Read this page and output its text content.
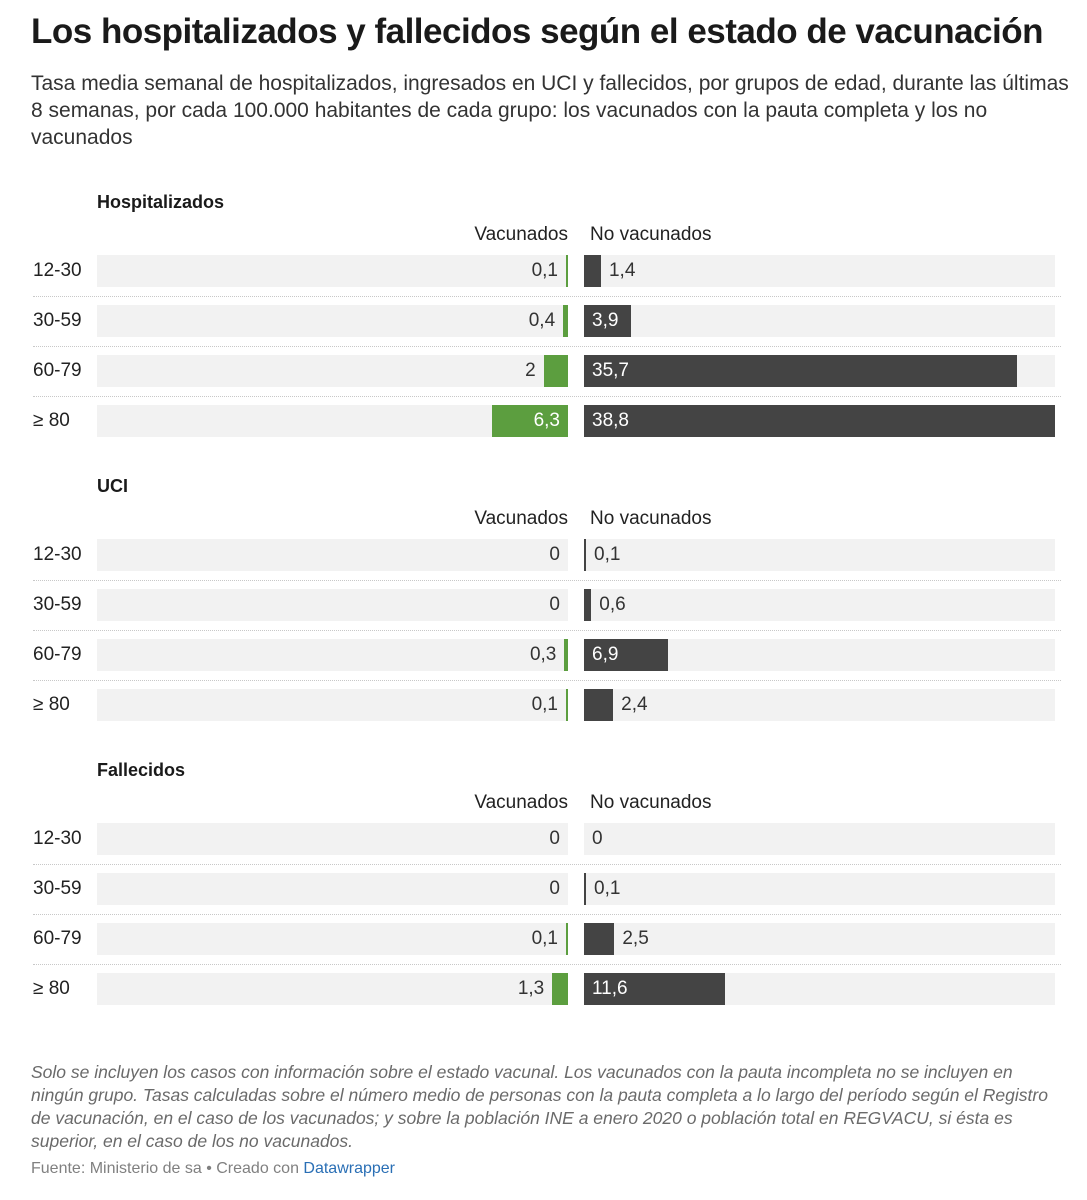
Los hospitalizados y fallecidos según el estado de vacunación

Tasa media semanal de hospitalizados, ingresados en UCI y fallecidos, por grupos de edad, durante las últimas 8 semanas, por cada 100.000 habitantes de cada grupo: los vacunados con la pauta completa y los no vacunados

Hospitalizados
Vacunados No vacunados
12-30	0,1	1,4
30-59	0,4 3,9
60-79	2	35,7
≥ 80	6,3 38,8
UCI
Vacunados No vacunados
12-30	0 0,1
30-59	0 0,6
60-79	0,3 6,9
≥ 80	0,1	2,4
Fallecidos
Vacunados No vacunados
12-30	0 0
30-59	0 0,1
60-79	0,1	2,5
≥ 80	1,3	11,6

Solo se incluyen los casos con información sobre el estado vacunal. Los vacunados con la pauta incompleta no se incluyen en ningún grupo. Tasas calculadas sobre el número medio de personas con la pauta completa a lo largo del período según el Registro de vacunación, en el caso de los vacunados; y sobre la población INE a enero 2020 o población total en REGVACU, si ésta es superior, en el caso de los no vacunados.

Fuente: Ministerio de sa • Creado con Datawrapper
